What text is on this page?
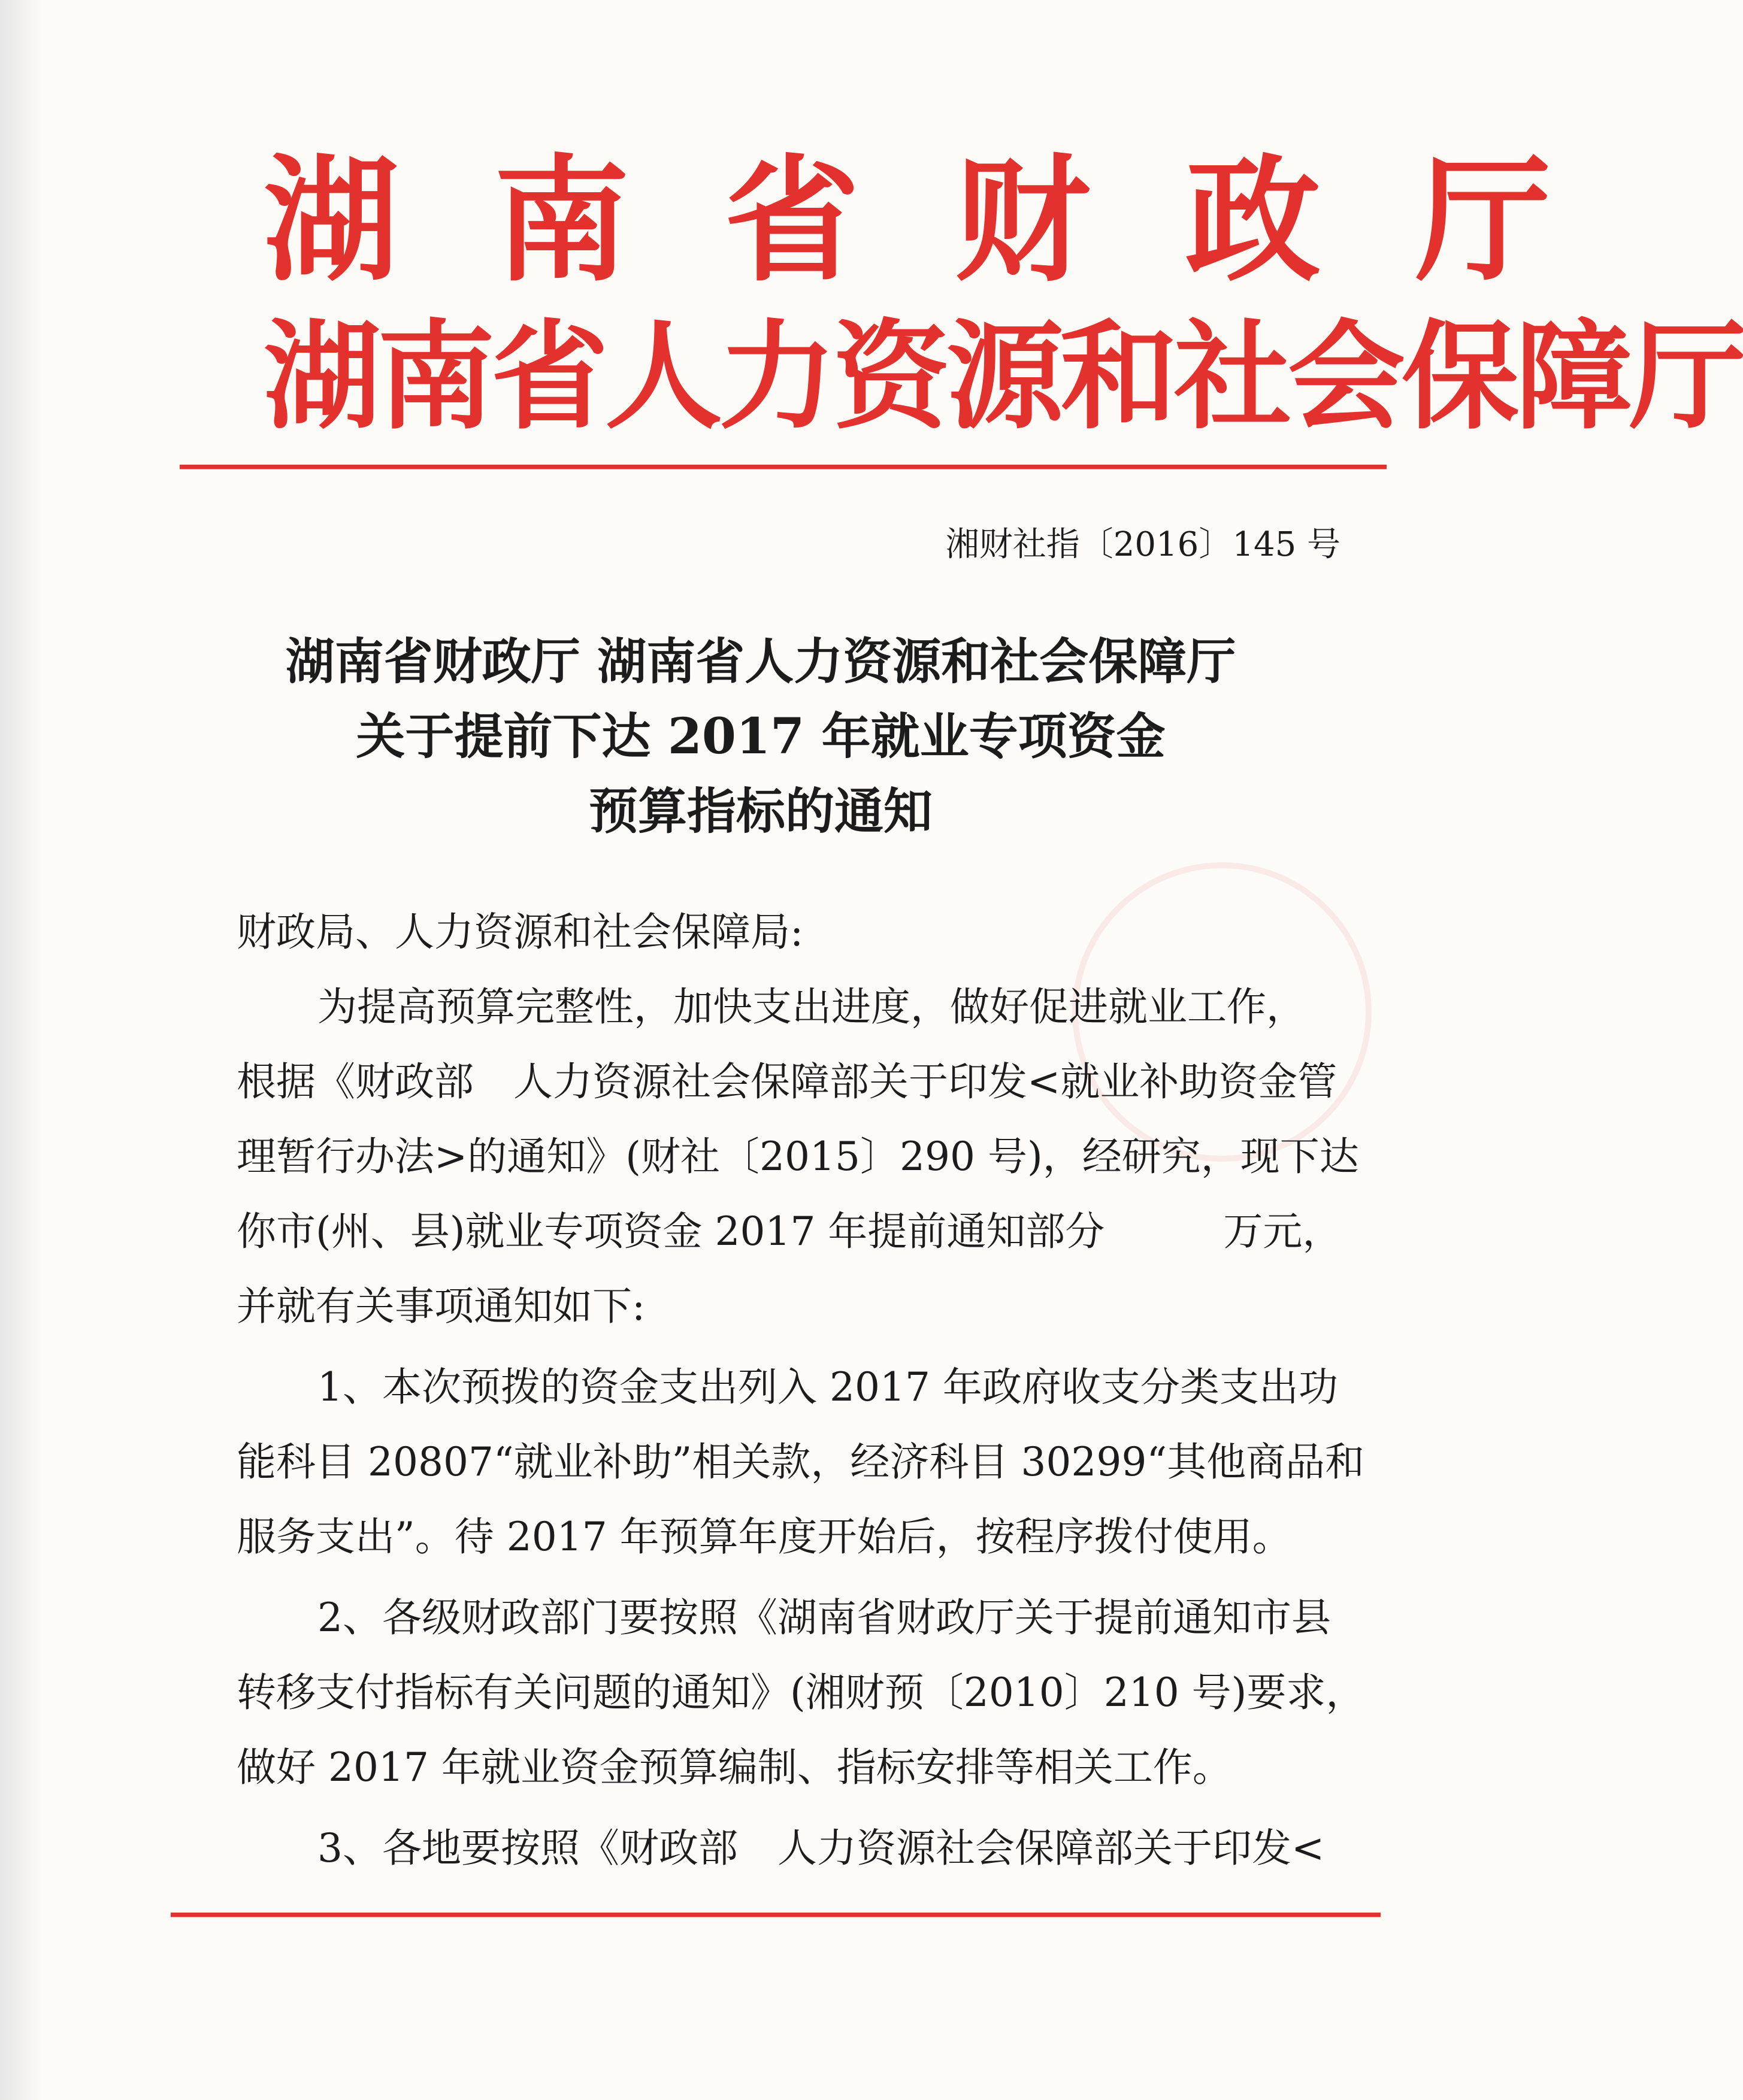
湖 南 省 财 政 厅
湖南省人力资源和社会保障厅
湘财社指〔2016〕145 号
湖南省财政厅 湖南省人力资源和社会保障厅
关于提前下达 2017 年就业专项资金
预算指标的通知
财政局、人力资源和社会保障局:
为提高预算完整性，加快支出进度，做好促进就业工作，
根据《财政部　人力资源社会保障部关于印发<就业补助资金管
理暂行办法>的通知》(财社〔2015〕290 号)，经研究，现下达
你市(州、县)就业专项资金 2017 年提前通知部分　　　万元，
并就有关事项通知如下:
1、本次预拨的资金支出列入 2017 年政府收支分类支出功
能科目 20807“就业补助”相关款，经济科目 30299“其他商品和
服务支出”。待 2017 年预算年度开始后，按程序拨付使用。
2、各级财政部门要按照《湖南省财政厅关于提前通知市县
转移支付指标有关问题的通知》(湘财预〔2010〕210 号)要求，
做好 2017 年就业资金预算编制、指标安排等相关工作。
3、各地要按照《财政部　人力资源社会保障部关于印发<
